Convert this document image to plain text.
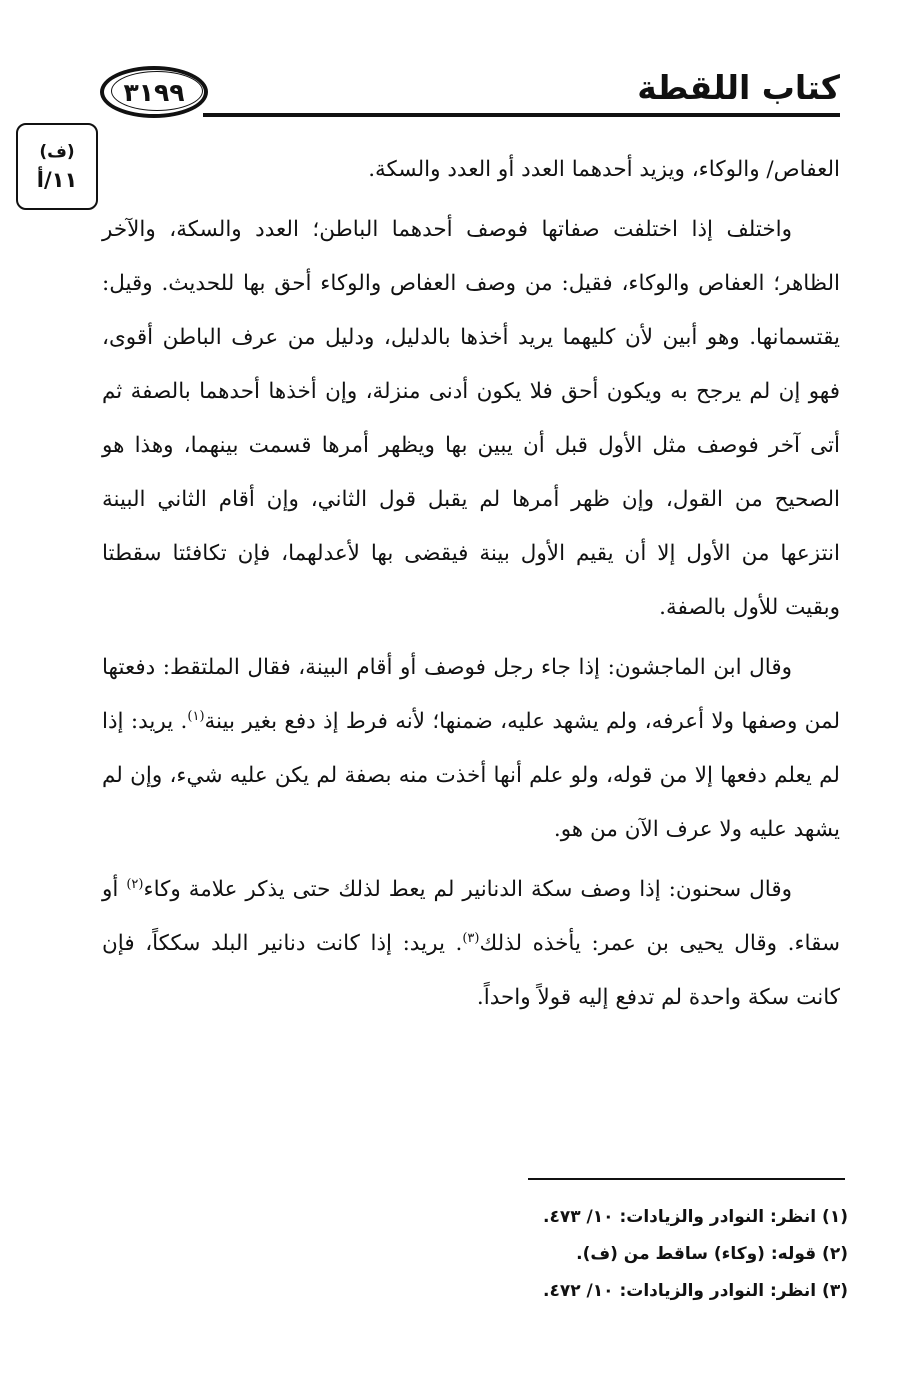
٣١٩٩	كتاب اللقطة
(ف)
١١/أ	العفاص/ والوكاء، ويزيد أحدهما العدد أو العدد والسكة.

واختلف إذا اختلفت صفاتها فوصف أحدهما الباطن؛ العدد والسكة، والآخر الظاهر؛ العفاص والوكاء، فقيل: من وصف العفاص والوكاء أحق بها للحديث. وقيل: يقتسمانها. وهو أبين لأن كليهما يريد أخذها بالدليل، ودليل من عرف الباطن أقوى، فهو إن لم يرجح به ويكون أحق فلا يكون أدنى منزلة، وإن أخذها أحدهما بالصفة ثم أتى آخر فوصف مثل الأول قبل أن يبين بها ويظهر أمرها قسمت بينهما، وهذا هو الصحيح من القول، وإن ظهر أمرها لم يقبل قول الثاني، وإن أقام الثاني البينة انتزعها من الأول إلا أن يقيم الأول بينة فيقضى بها لأعدلهما، فإن تكافئتا سقطتا وبقيت للأول بالصفة.

وقال ابن الماجشون: إذا جاء رجل فوصف أو أقام البينة، فقال الملتقط: دفعتها لمن وصفها ولا أعرفه، ولم يشهد عليه، ضمنها؛ لأنه فرط إذ دفع بغير بينة$^{(١)}$. يريد: إذا لم يعلم دفعها إلا من قوله، ولو علم أنها أخذت منه بصفة لم يكن عليه شيء، وإن لم يشهد عليه ولا عرف الآن من هو.

وقال سحنون: إذا وصف سكة الدنانير لم يعط لذلك حتى يذكر علامة وكاء$^{(٢)}$ أو سقاء. وقال يحيى بن عمر: يأخذه لذلك$^{(٣)}$. يريد: إذا كانت دنانير البلد سككاً، فإن كانت سكة واحدة لم تدفع إليه قولاً واحداً.

(١) انظر: النوادر والزيادات: ١٠/ ٤٧٣.
(٢) قوله: (وكاء) ساقط من (ف).
(٣) انظر: النوادر والزيادات: ١٠/ ٤٧٢.
